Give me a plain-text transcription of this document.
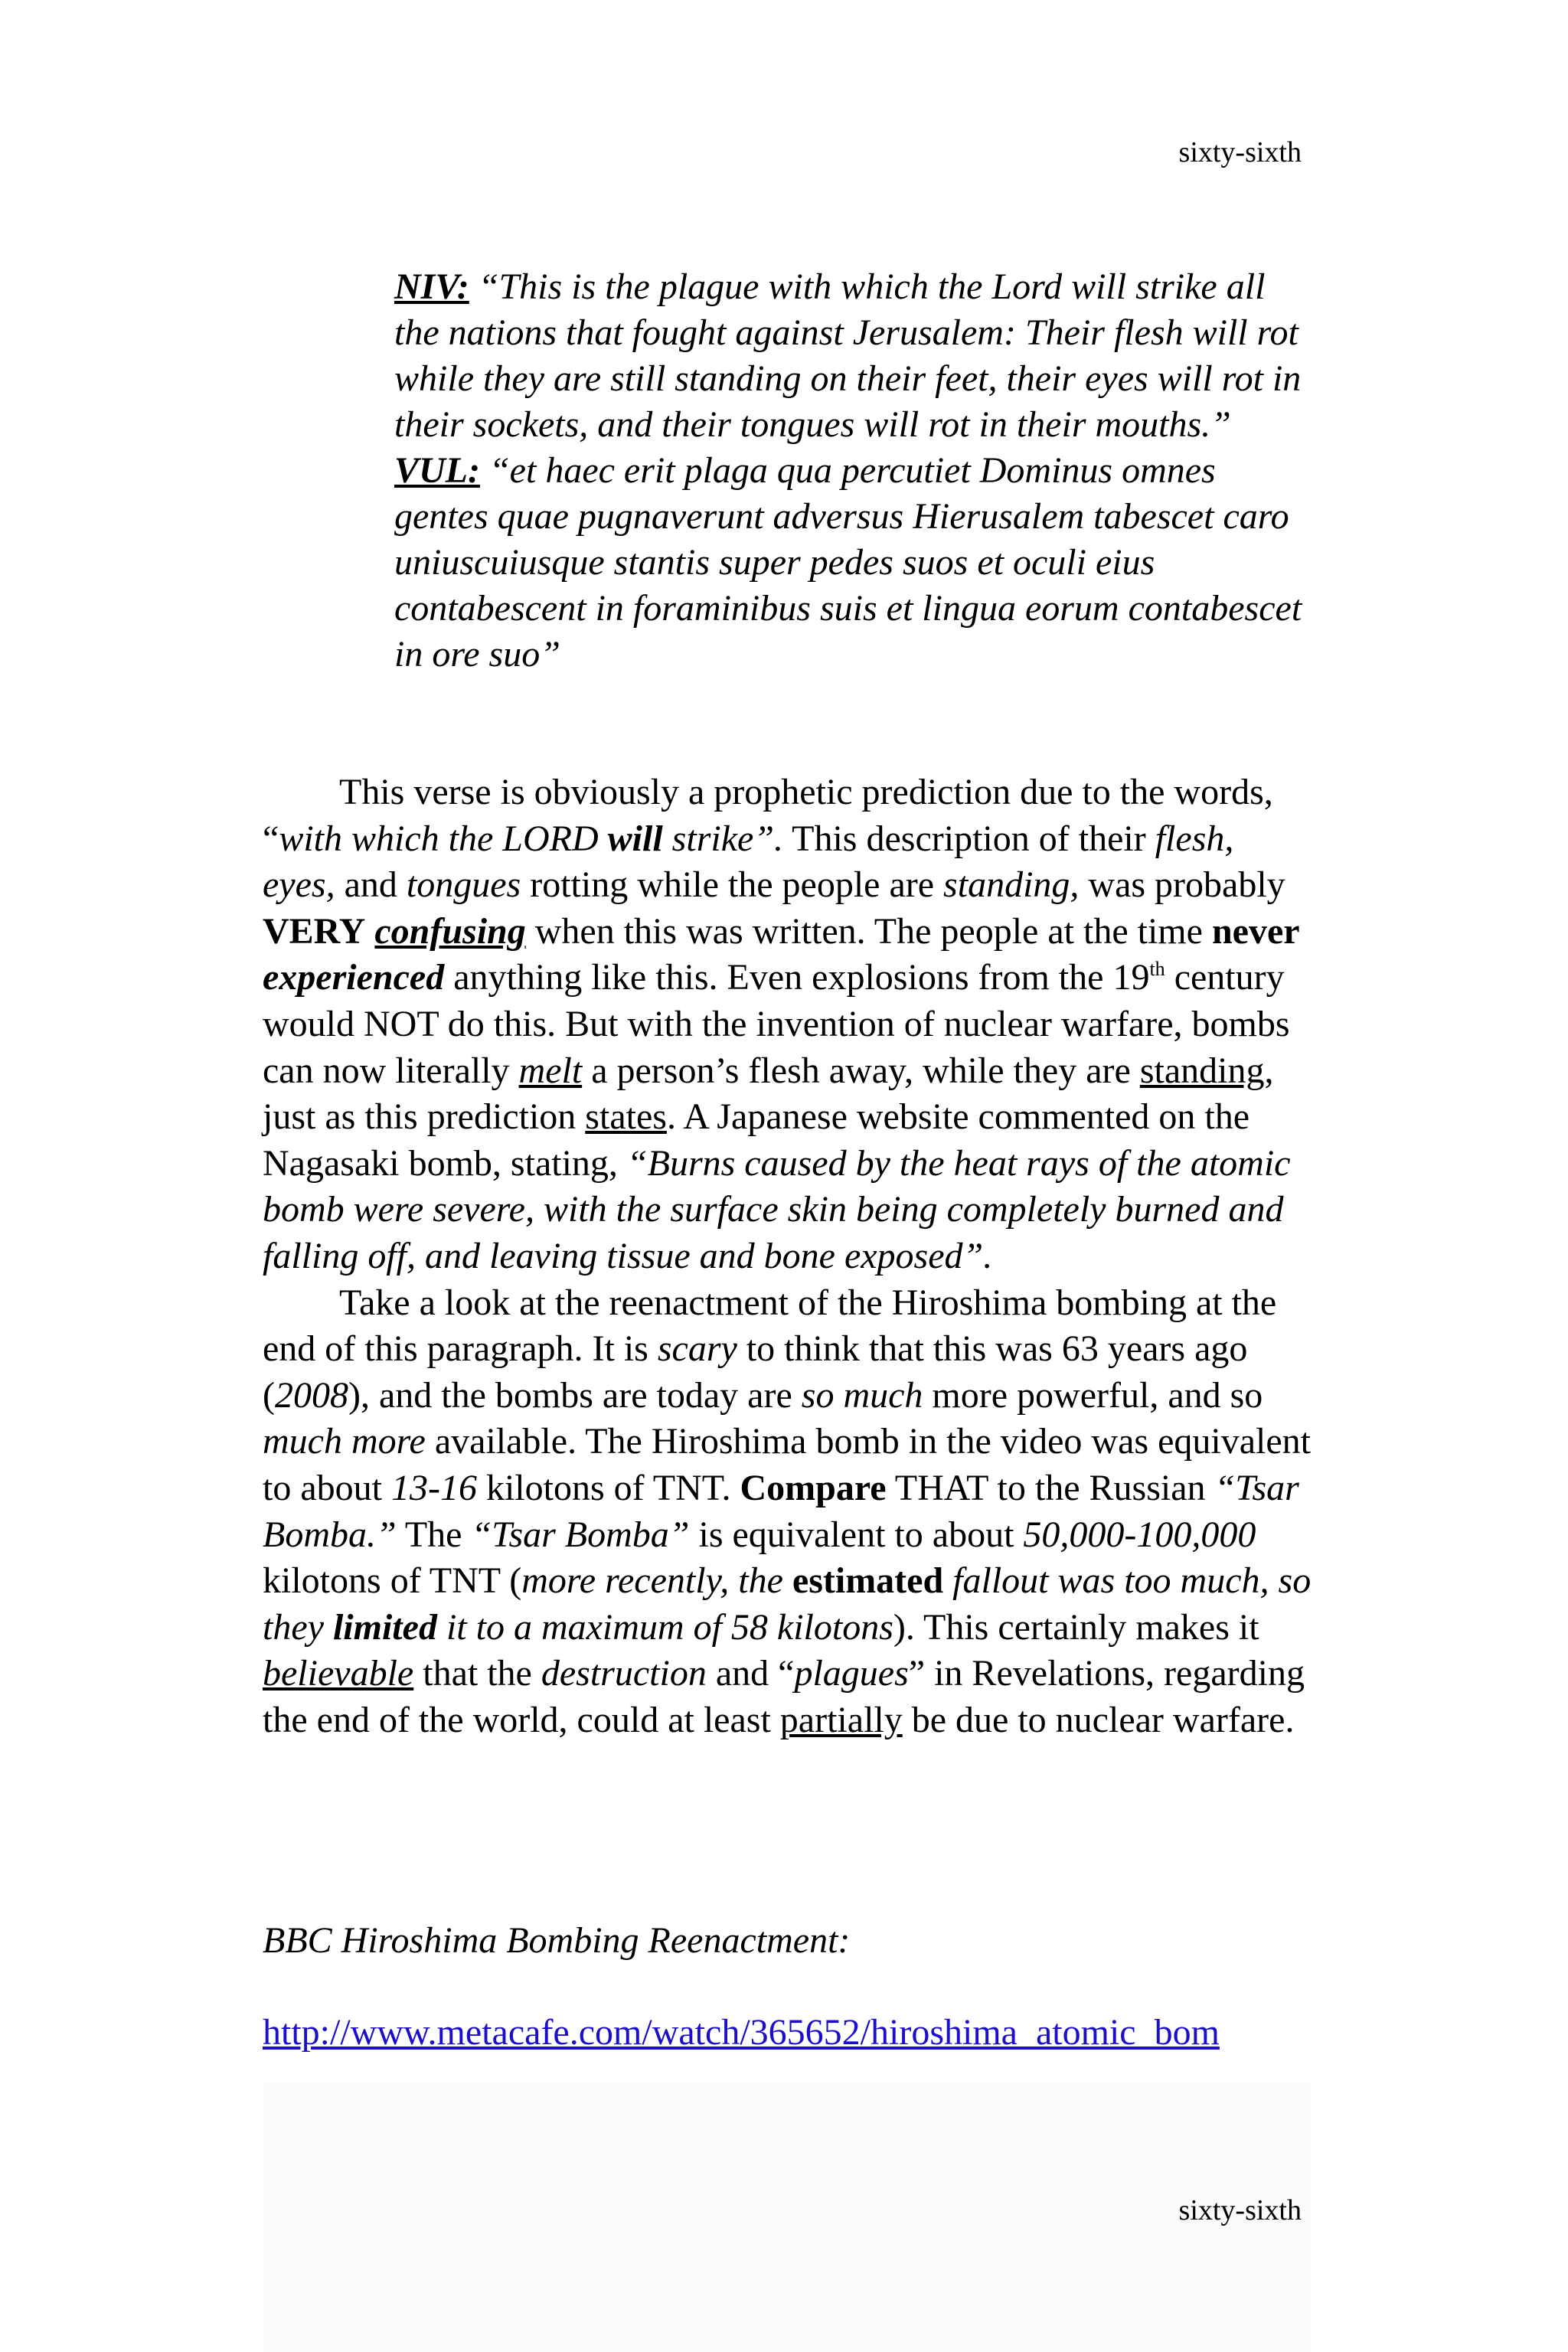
sixty-sixth

NIV: “This is the plague with which the Lord will strike all the nations that fought against Jerusalem: Their flesh will rot while they are still standing on their feet, their eyes will rot in their sockets, and their tongues will rot in their mouths.”

VUL: “et haec erit plaga qua percutiet Dominus omnes gentes quae pugnaverunt adversus Hierusalem tabescet caro uniuscuiusque stantis super pedes suos et oculi eius contabescent in foraminibus suis et lingua eorum contabescet in ore suo”

This verse is obviously a prophetic prediction due to the words, “with which the LORD will strike”. This description of their flesh, eyes, and tongues rotting while the people are standing, was probably VERY confusing when this was written. The people at the time never experienced anything like this. Even explosions from the 19th century would NOT do this. But with the invention of nuclear warfare, bombs can now literally melt a person’s flesh away, while they are standing, just as this prediction states. A Japanese website commented on the Nagasaki bomb, stating, “Burns caused by the heat rays of the atomic bomb were severe, with the surface skin being completely burned and falling off, and leaving tissue and bone exposed”.

Take a look at the reenactment of the Hiroshima bombing at the end of this paragraph. It is scary to think that this was 63 years ago (2008), and the bombs are today are so much more powerful, and so much more available. The Hiroshima bomb in the video was equivalent to about 13-16 kilotons of TNT. Compare THAT to the Russian “Tsar Bomba.” The “Tsar Bomba” is equivalent to about 50,000-100,000 kilotons of TNT (more recently, the estimated fallout was too much, so they limited it to a maximum of 58 kilotons). This certainly makes it believable that the destruction and “plagues” in Revelations, regarding the end of the world, could at least partially be due to nuclear warfare.

BBC Hiroshima Bombing Reenactment:
http://www.metacafe.com/watch/365652/hiroshima_atomic_bom
sixty-sixth
